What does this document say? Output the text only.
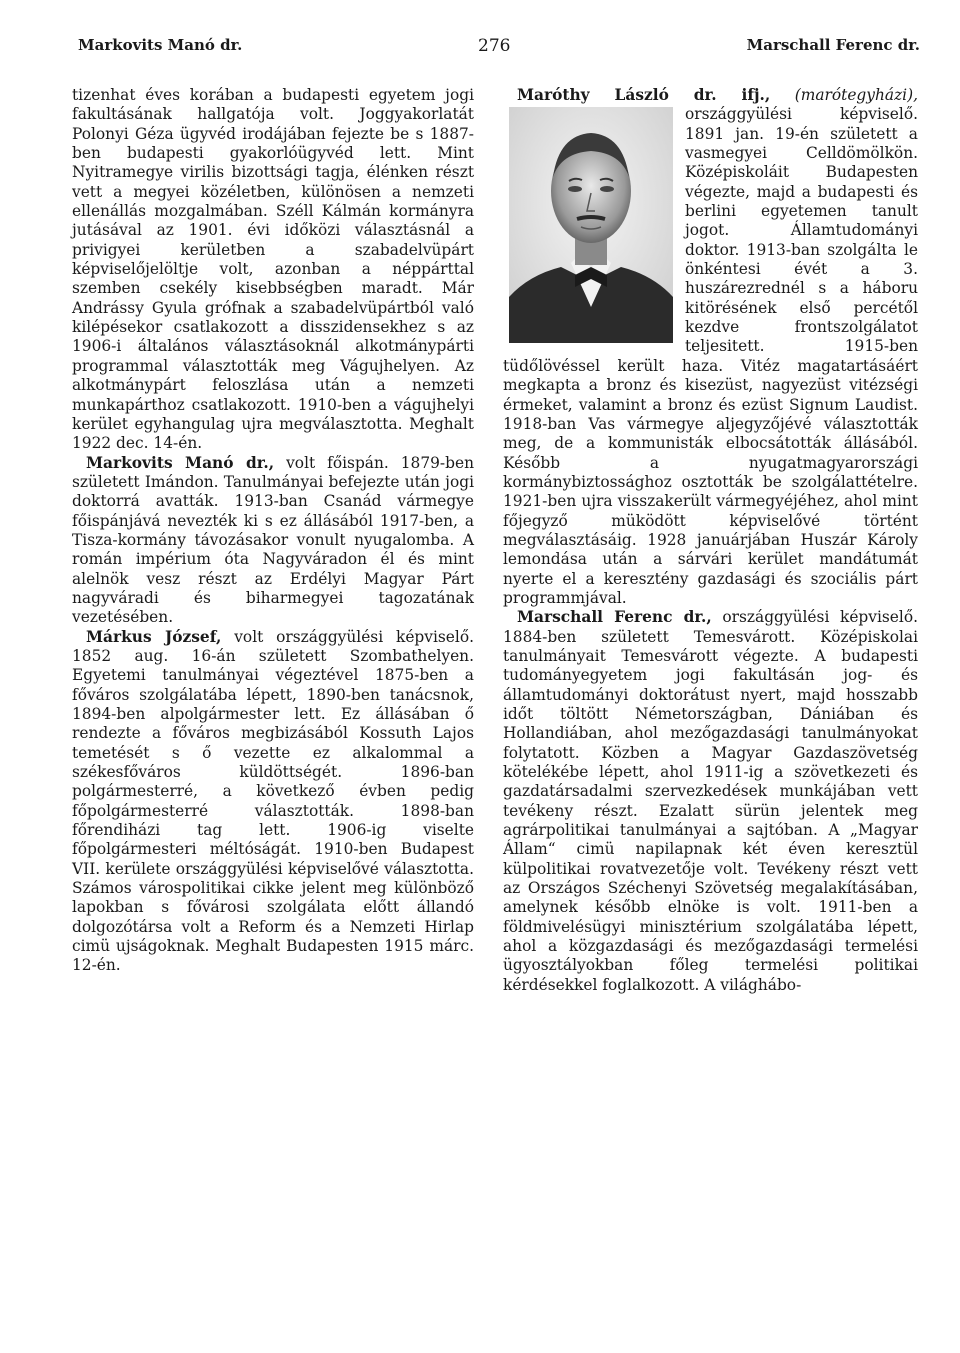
Markovits Manó dr.	276	Marschall Ferenc dr.

tizenhat éves korában a budapesti egyetem jogi fakultásának hallgatója volt. Joggyakorlatát Polonyi Géza ügyvéd irodájában fejezte be s 1887-ben budapesti gyakorlóügyvéd lett. Mint Nyitramegye virilis bizottsági tagja, élénken részt vett a megyei közéletben, különösen a nemzeti ellenállás mozgalmában. Széll Kálmán kormányra jutásával az 1901. évi időközi választásnál a privigyei kerületben a szabadelvüpárt képviselőjelöltje volt, azonban a néppárttal szemben csekély kisebbségben maradt. Már Andrássy Gyula grófnak a szabadelvüpártból való kilépésekor csatlakozott a disszidensekhez s az 1906-i általános választásoknál alkotmánypárti programmal választották meg Vágujhelyen. Az alkotmánypárt feloszlása után a nemzeti munkapárthoz csatlakozott. 1910-ben a vágujhelyi kerület egyhangulag ujra megválasztotta. Meghalt 1922 dec. 14-én.

Markovits Manó dr., volt főispán. 1879-ben született Imándon. Tanulmányai befejezte után jogi doktorrá avatták. 1913-ban Csanád vármegye főispánjává nevezték ki s ez állásából 1917-ben, a Tisza-kormány távozásakor vonult nyugalomba. A román impérium óta Nagyváradon él és mint alelnök vesz részt az Erdélyi Magyar Párt nagyváradi és biharmegyei tagozatának vezetésében.

Márkus József, volt országgyülési képviselő. 1852 aug. 16-án született Szombathelyen. Egyetemi tanulmányai végeztével 1875-ben a főváros szolgálatába lépett, 1890-ben tanácsnok, 1894-ben alpolgármester lett. Ez állásában ő rendezte a főváros megbizásából Kossuth Lajos temetését s ő vezette ez alkalommal a székesfőváros küldöttségét. 1896-ban polgármesterré, a következő évben pedig főpolgármesterré választották. 1898-ban főrendiházi tag lett. 1906-ig viselte főpolgármesteri méltóságát. 1910-ben Budapest VII. kerülete országgyülési képviselővé választotta. Számos várospolitikai cikke jelent meg különböző lapokban s fővárosi szolgálata előtt állandó dolgozótársa volt a Reform és a Nemzeti Hirlap cimü ujságoknak. Meghalt Budapesten 1915 márc. 12-én.

Maróthy László dr. ifj., (marótegyházi),
országgyülési képviselő. 1891 jan. 19-én született a vasmegyei Celldömölkön. Középiskoláit Budapesten végezte, majd a budapesti és berlini egyetemen tanult jogot. Államtudományi doktor. 1913-ban szolgálta le önkéntesi évét a 3. huszárezrednél s a háboru kitörésének első percétől kezdve frontszolgálatot teljesitett. 1915-ben tüdőlövéssel került haza. Vitéz magatartásáért megkapta a bronz és kisezüst, nagyezüst vitézségi érmeket, valamint a bronz és ezüst Signum Laudist. 1918-ban Vas vármegye aljegyzőjévé választották meg, de a kommunisták elbocsátották állásából. Később a nyugatmagyarországi kormánybiztossághoz osztották be szolgálattételre. 1921-ben ujra visszakerült vármegyéjéhez, ahol mint főjegyző müködött képviselővé történt megválasztásáig. 1928 januárjában Huszár Károly lemondása után a sárvári kerület mandátumát nyerte el a keresztény gazdasági és szociális párt programmjával.

Marschall Ferenc dr., országgyülési képviselő. 1884-ben született Temesvárott. Középiskolai tanulmányait Temesvárott végezte. A budapesti tudományegyetem jogi fakultásán jog- és államtudományi doktorátust nyert, majd hosszabb időt töltött Németországban, Dániában és Hollandiában, ahol mezőgazdasági tanulmányokat folytatott. Közben a Magyar Gazdaszövetség kötelékébe lépett, ahol 1911-ig a szövetkezeti és gazdatársadalmi szervezkedések munkájában vett tevékeny részt. Ezalatt sürün jelentek meg agrárpolitikai tanulmányai a sajtóban. A „Magyar Állam“ cimü napilapnak két éven keresztül külpolitikai rovatvezetője volt. Tevékeny részt vett az Országos Széchenyi Szövetség megalakításában, amelynek később elnöke is volt. 1911-ben a földmivelésügyi minisztérium szolgálatába lépett, ahol a közgazdasági és mezőgazdasági termelési ügyosztályokban főleg termelési politikai kérdésekkel foglalkozott. A világhábo-
